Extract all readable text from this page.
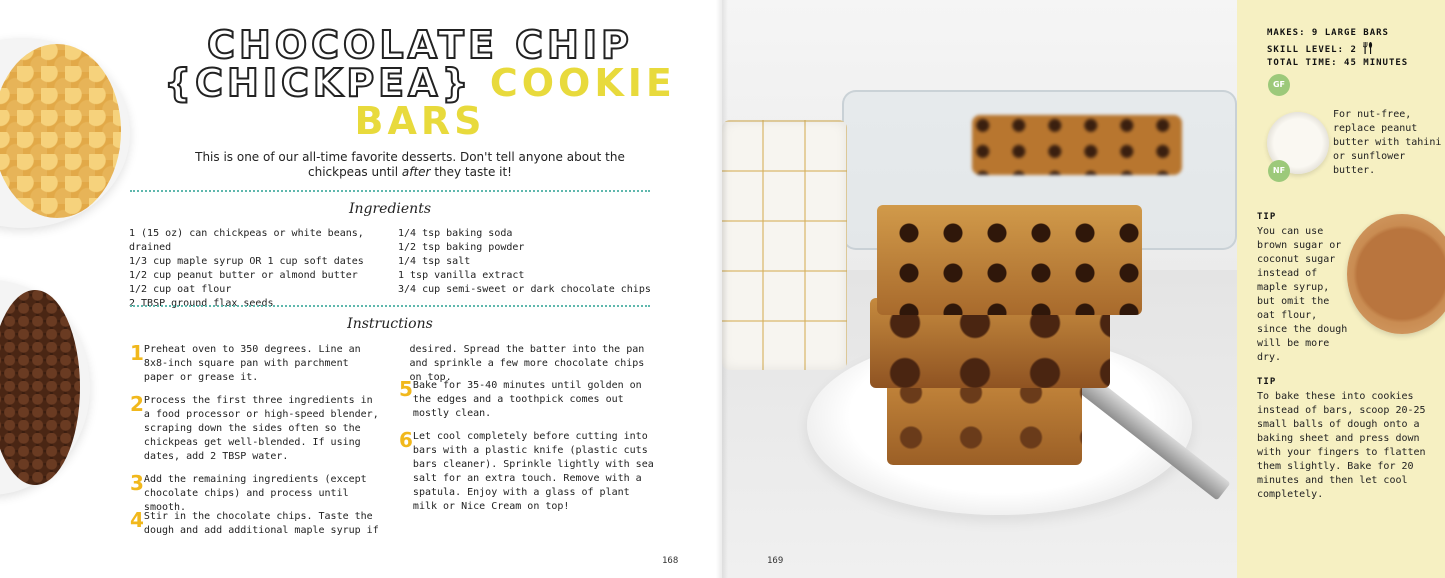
CHOCOLATE CHIP
{CHICKPEA} COOKIE
BARS

This is one of our all-time favorite desserts. Don't tell anyone about the chickpeas until after they taste it!

Ingredients
1 (15 oz) can chickpeas or white beans, drained
1/3 cup maple syrup OR 1 cup soft dates
1/2 cup peanut butter or almond butter
1/2 cup oat flour
2 TBSP ground flax seeds
1/4 tsp baking soda
1/2 tsp baking powder
1/4 tsp salt
1 tsp vanilla extract
3/4 cup semi-sweet or dark chocolate chips
Instructions
1 Preheat oven to 350 degrees. Line an 8x8-inch square pan with parchment paper or grease it.
2 Process the first three ingredients in a food processor or high-speed blender, scraping down the sides often so the chickpeas get well-blended. If using dates, add 2 TBSP water.
3 Add the remaining ingredients (except chocolate chips) and process until smooth.
4 Stir in the chocolate chips. Taste the dough and add additional maple syrup if
desired. Spread the batter into the pan and sprinkle a few more chocolate chips on top.
5 Bake for 35-40 minutes until golden on the edges and a toothpick comes out mostly clean.
6 Let cool completely before cutting into bars with a plastic knife (plastic cuts bars cleaner). Sprinkle lightly with sea salt for an extra touch. Remove with a spatula. Enjoy with a glass of plant milk or Nice Cream on top!
168	169
MAKES: 9 LARGE BARS
SKILL LEVEL: 2
TOTAL TIME: 45 MINUTES
GF
NF

For nut-free, replace peanut butter with tahini or sunflower butter.

TIP

You can use brown sugar or coconut sugar instead of maple syrup, but omit the oat flour, since the dough will be more dry.

TIP

To bake these into cookies instead of bars, scoop 20-25 small balls of dough onto a baking sheet and press down with your fingers to flatten them slightly. Bake for 20 minutes and then let cool completely.
